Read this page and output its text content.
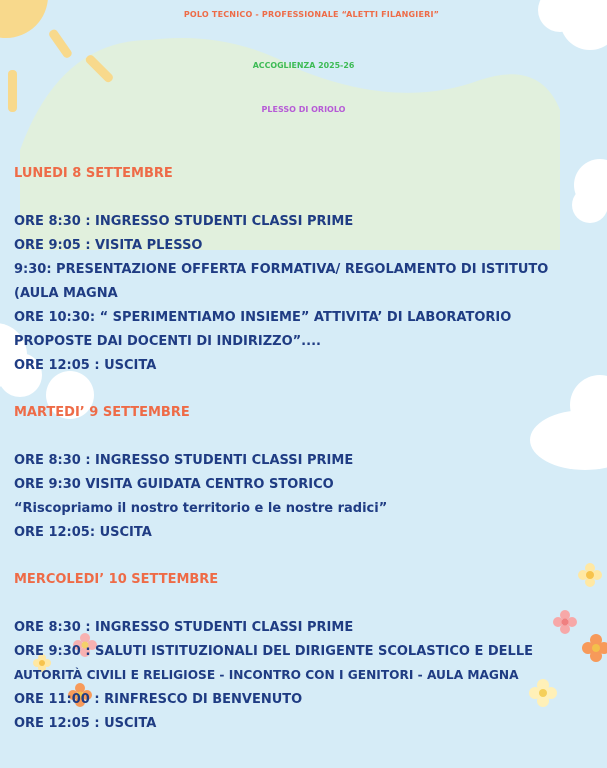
POLO TECNICO - PROFESSIONALE “ALETTI FILANGIERI”
ACCOGLIENZA 2025-26
PLESSO DI ORIOLO
LUNEDI 8 SETTEMBRE
ORE 8:30 : INGRESSO STUDENTI CLASSI PRIME
ORE 9:05 : VISITA PLESSO
9:30: PRESENTAZIONE OFFERTA FORMATIVA/ REGOLAMENTO DI ISTITUTO
(AULA MAGNA
ORE 10:30: “ SPERIMENTIAMO INSIEME” ATTIVITA’ DI LABORATORIO
PROPOSTE DAI DOCENTI DI INDIRIZZO”....
ORE 12:05 : USCITA
MARTEDI’ 9 SETTEMBRE
ORE 8:30 : INGRESSO STUDENTI CLASSI PRIME
ORE 9:30 VISITA GUIDATA CENTRO STORICO
“Riscopriamo il nostro territorio e le nostre radici”
ORE 12:05: USCITA
MERCOLEDI’ 10 SETTEMBRE
ORE 8:30 : INGRESSO STUDENTI CLASSI PRIME
ORE 9:30 : SALUTI ISTITUZIONALI DEL DIRIGENTE SCOLASTICO E DELLE
AUTORITÀ CIVILI E RELIGIOSE - INCONTRO CON I GENITORI - AULA MAGNA
ORE 11:00 : RINFRESCO DI BENVENUTO
ORE 12:05 : USCITA
